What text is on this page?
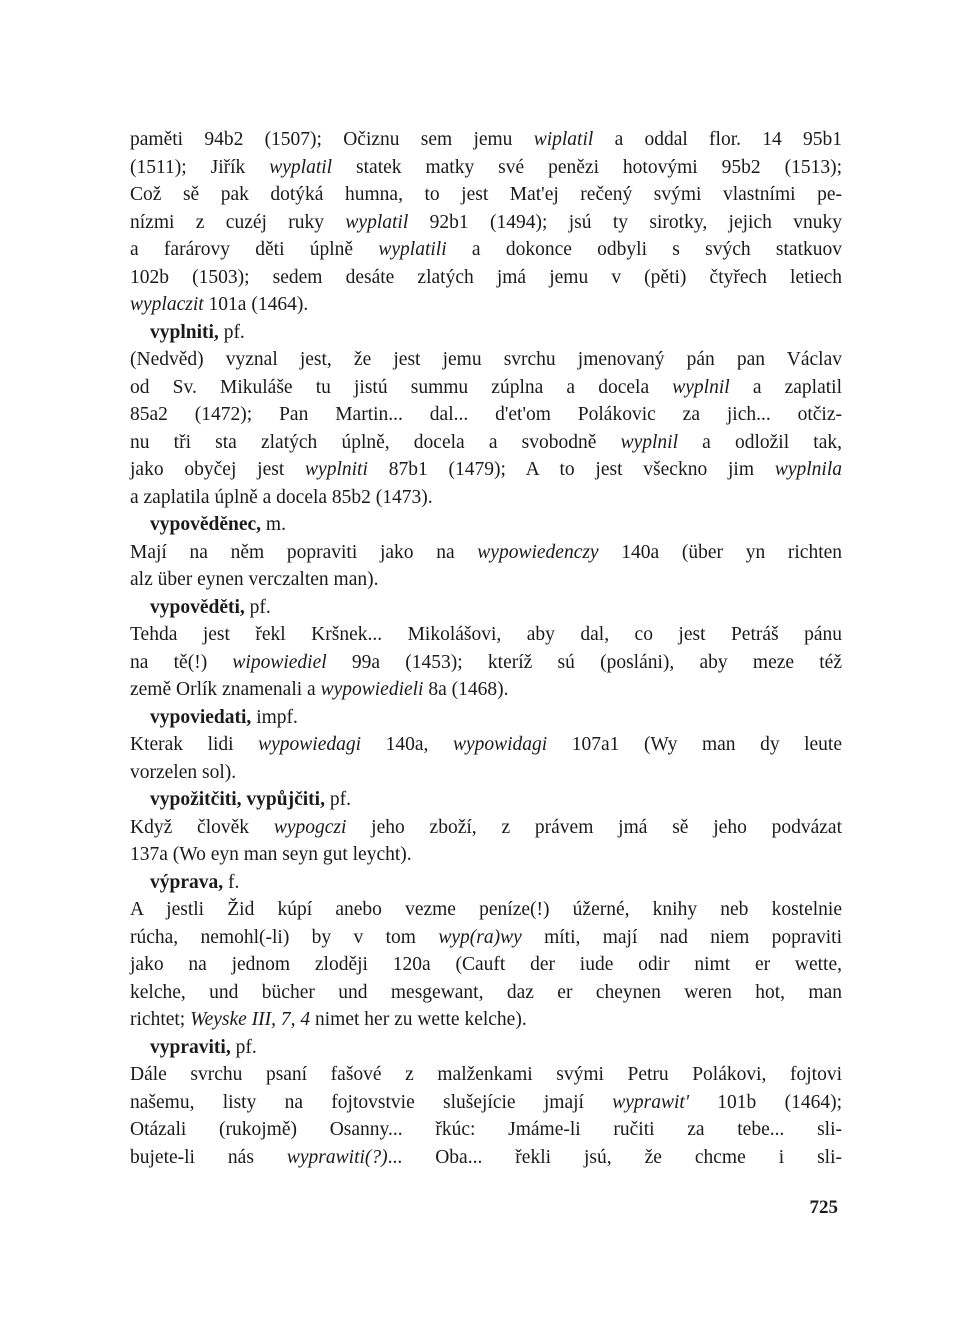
paměti 94b2 (1507); Očiznu sem jemu wiplatil a oddal flor. 14 95b1
(1511); Jiřík wyplatil statek matky své penězi hotovými 95b2 (1513);
Což sě pak dotýká humna, to jest Mat'ej rečený svými vlastními pe-
nízmi z cuzéj ruky wyplatil 92b1 (1494); jsú ty sirotky, jejich vnuky
a farárovy děti úplně wyplatili a dokonce odbyli s svých statkuov
102b (1503); sedem desáte zlatých jmá jemu v (pěti) čtyřech letiech
wyplaczit 101a (1464).
vyplniti, pf.
(Nedvěd) vyznal jest, že jest jemu svrchu jmenovaný pán pan Václav
od Sv. Mikuláše tu jistú summu zúplna a docela wyplnil a zaplatil
85a2 (1472); Pan Martin... dal... d'et'om Polákovic za jich... otčiz-
nu tři sta zlatých úplně, docela a svobodně wyplnil a odložil tak,
jako obyčej jest wyplniti 87b1 (1479); A to jest všeckno jim wyplnila
a zaplatila úplně a docela 85b2 (1473).
vypověděnec, m.
Mají na něm popraviti jako na wypowiedenczy 140a (über yn richten
alz über eynen verczalten man).
vypověděti, pf.
Tehda jest řekl Kršnek... Mikolášovi, aby dal, co jest Petráš pánu
na tě(!) wipowiediel 99a (1453); kteríž sú (posláni), aby meze též
země Orlík znamenali a wypowiedieli 8a (1468).
vypoviedati, impf.
Kterak lidi wypowiedagi 140a, wypowidagi 107a1 (Wy man dy leute
vorzelen sol).
vypožitčiti, vypůjčiti, pf.
Když člověk wypogczi jeho zboží, z právem jmá sě jeho podvázat
137a (Wo eyn man seyn gut leycht).
výprava, f.
A jestli Žid kúpí anebo vezme peníze(!) úžerné, knihy neb kostelnie
rúcha, nemohl(-li) by v tom wyp(ra)wy míti, mají nad niem popraviti
jako na jednom zloději 120a (Cauft der iude odir nimt er wette,
kelche, und bücher und mesgewant, daz er cheynen weren hot, man
richtet; Weyske III, 7, 4 nimet her zu wette kelche).
vypraviti, pf.
Dále svrchu psaní fašové z malženkami svými Petru Polákovi, fojtovi
našemu, listy na fojtovstvie slušejície jmají wyprawit' 101b (1464);
Otázali (rukojmě) Osanny... řkúc: Jmáme-li ručiti za tebe... sli-
bujete-li nás wyprawiti(?)... Oba... řekli jsú, že chcme i sli-
725
